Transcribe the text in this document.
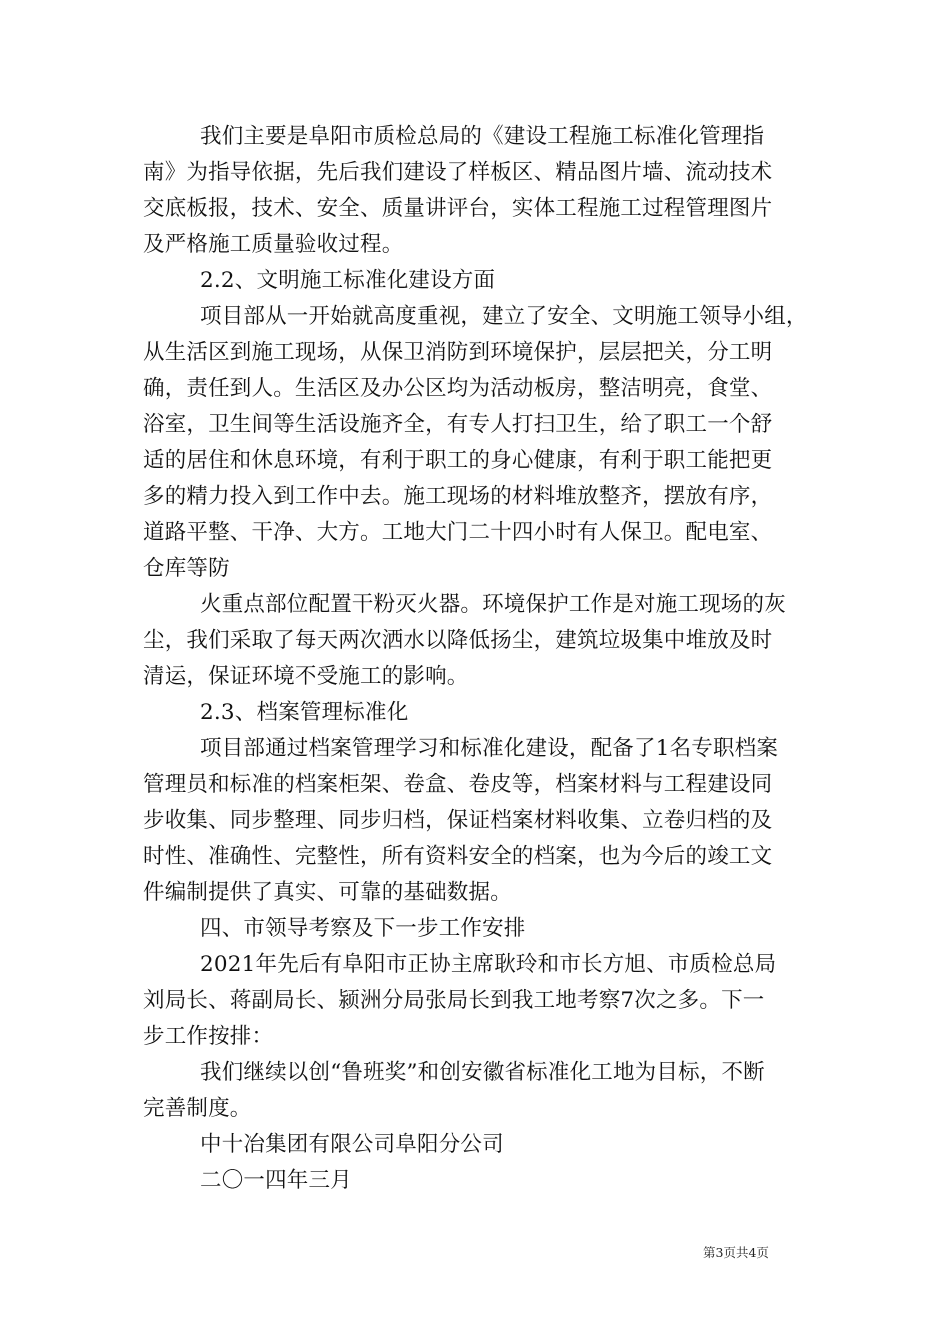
我们主要是阜阳市质检总局的《建设工程施工标准化管理指
南》为指导依据，先后我们建设了样板区、精品图片墙、流动技术
交底板报，技术、安全、质量讲评台，实体工程施工过程管理图片
及严格施工质量验收过程。
2.2、文明施工标准化建设方面
项目部从一开始就高度重视，建立了安全、文明施工领导小组，
从生活区到施工现场，从保卫消防到环境保护，层层把关，分工明
确，责任到人。生活区及办公区均为活动板房，整洁明亮，食堂、
浴室，卫生间等生活设施齐全，有专人打扫卫生，给了职工一个舒
适的居住和休息环境，有利于职工的身心健康，有利于职工能把更
多的精力投入到工作中去。施工现场的材料堆放整齐，摆放有序，
道路平整、干净、大方。工地大门二十四小时有人保卫。配电室、
仓库等防
火重点部位配置干粉灭火器。环境保护工作是对施工现场的灰
尘，我们采取了每天两次洒水以降低扬尘，建筑垃圾集中堆放及时
清运，保证环境不受施工的影响。
2.3、档案管理标准化
项目部通过档案管理学习和标准化建设，配备了1名专职档案
管理员和标准的档案柜架、卷盒、卷皮等，档案材料与工程建设同
步收集、同步整理、同步归档，保证档案材料收集、立卷归档的及
时性、准确性、完整性，所有资料安全的档案，也为今后的竣工文
件编制提供了真实、可靠的基础数据。
四、市领导考察及下一步工作安排
2021年先后有阜阳市正协主席耿玲和市长方旭、市质检总局
刘局长、蒋副局长、颍洲分局张局长到我工地考察7次之多。下一
步工作按排：
我们继续以创“鲁班奖”和创安徽省标准化工地为目标，不断
完善制度。
中十冶集团有限公司阜阳分公司
二〇一四年三月
第3页共4页
